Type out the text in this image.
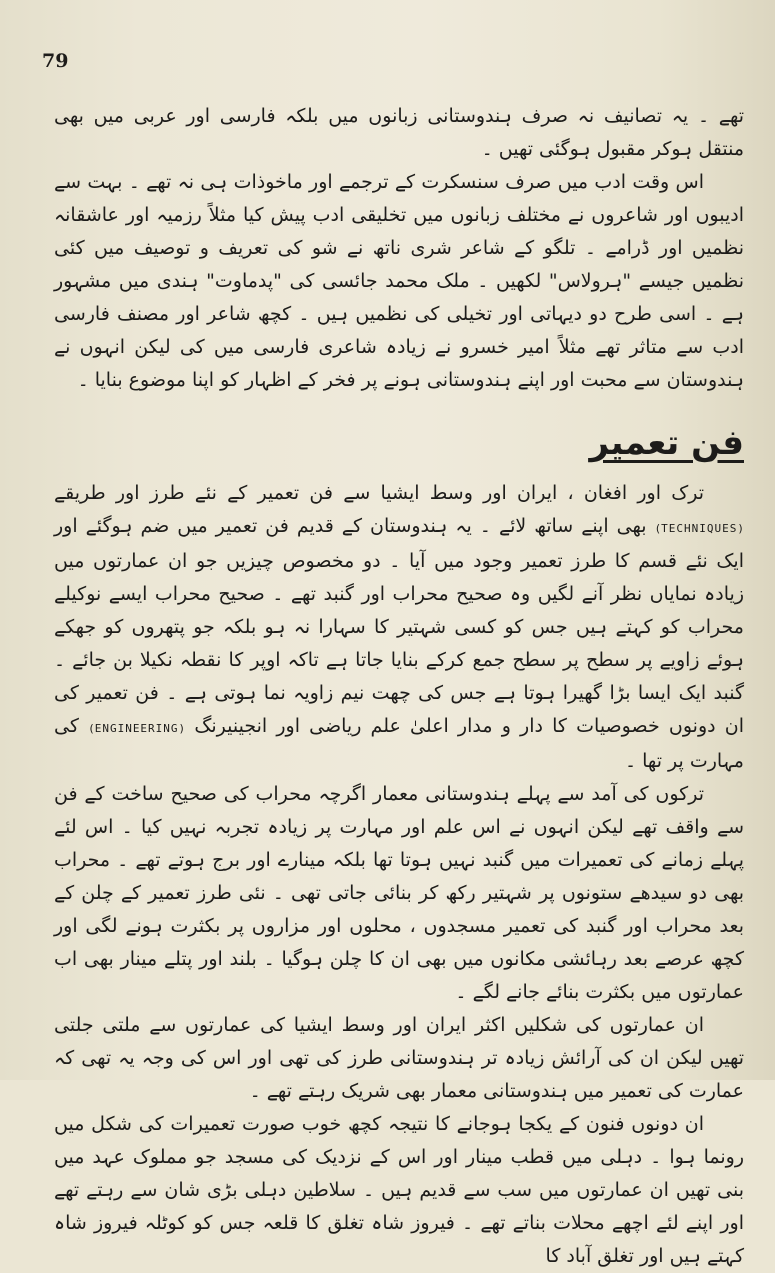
79

تھے ۔ یہ تصانیف نہ صرف ہندوستانی زبانوں میں بلکہ فارسی اور عربی میں بھی منتقل ہوکر مقبول ہوگئی تھیں ۔

اس وقت ادب میں صرف سنسکرت کے ترجمے اور ماخوذات ہی نہ تھے ۔ بہت سے ادیبوں اور شاعروں نے مختلف زبانوں میں تخلیقی ادب پیش کیا مثلاً رزمیہ اور عاشقانہ نظمیں اور ڈرامے ۔ تلگو کے شاعر شری ناتھ نے شو کی تعریف و توصیف میں کئی نظمیں جیسے "ہرولاس" لکھیں ۔ ملک محمد جائسی کی "پدماوت" ہندی میں مشہور ہے ۔ اسی طرح دو دیہاتی اور تخیلی کی نظمیں ہیں ۔ کچھ شاعر اور مصنف فارسی ادب سے متاثر تھے مثلاً امیر خسرو نے زیادہ شاعری فارسی میں کی لیکن انہوں نے ہندوستان سے محبت اور اپنے ہندوستانی ہونے پر فخر کے اظہار کو اپنا موضوع بنایا ۔

فن تعمیر

ترک اور افغان ، ایران اور وسط ایشیا سے فن تعمیر کے نئے طرز اور طریقے (TECHNIQUES) بھی اپنے ساتھ لائے ۔ یہ ہندوستان کے قدیم فن تعمیر میں ضم ہوگئے اور ایک نئے قسم کا طرز تعمیر وجود میں آیا ۔ دو مخصوص چیزیں جو ان عمارتوں میں زیادہ نمایاں نظر آنے لگیں وہ صحیح محراب اور گنبد تھے ۔ صحیح محراب ایسے نوکیلے محراب کو کہتے ہیں جس کو کسی شہتیر کا سہارا نہ ہو بلکہ جو پتھروں کو جھکے ہوئے زاویے پر سطح پر سطح جمع کرکے بنایا جاتا ہے تاکہ اوپر کا نقطہ نکیلا بن جائے ۔ گنبد ایک ایسا بڑا گھیرا ہوتا ہے جس کی چھت نیم زاویہ نما ہوتی ہے ۔ فن تعمیر کی ان دونوں خصوصیات کا دار و مدار اعلیٰ علم ریاضی اور انجینیرنگ (ENGINEERING) کی مہارت پر تھا ۔

ترکوں کی آمد سے پہلے ہندوستانی معمار اگرچہ محراب کی صحیح ساخت کے فن سے واقف تھے لیکن انہوں نے اس علم اور مہارت پر زیادہ تجربہ نہیں کیا ۔ اس لئے پہلے زمانے کی تعمیرات میں گنبد نہیں ہوتا تھا بلکہ مینارے اور برج ہوتے تھے ۔ محراب بھی دو سیدھے ستونوں پر شہتیر رکھ کر بنائی جاتی تھی ۔ نئی طرز تعمیر کے چلن کے بعد محراب اور گنبد کی تعمیر مسجدوں ، محلوں اور مزاروں پر بکثرت ہونے لگی اور کچھ عرصے بعد رہائشی مکانوں میں بھی ان کا چلن ہوگیا ۔ بلند اور پتلے مینار بھی اب عمارتوں میں بکثرت بنائے جانے لگے ۔

ان عمارتوں کی شکلیں اکثر ایران اور وسط ایشیا کی عمارتوں سے ملتی جلتی تھیں لیکن ان کی آرائش زیادہ تر ہندوستانی طرز کی تھی اور اس کی وجہ یہ تھی کہ عمارت کی تعمیر میں ہندوستانی معمار بھی شریک رہتے تھے ۔

ان دونوں فنون کے یکجا ہوجانے کا نتیجہ کچھ خوب صورت تعمیرات کی شکل میں رونما ہوا ۔ دہلی میں قطب مینار اور اس کے نزدیک کی مسجد جو مملوک عہد میں بنی تھیں ان عمارتوں میں سب سے قدیم ہیں ۔ سلاطین دہلی بڑی شان سے رہتے تھے اور اپنے لئے اچھے محلات بناتے تھے ۔ فیروز شاہ تغلق کا قلعہ جس کو کوٹلہ فیروز شاہ کہتے ہیں اور تغلق آباد کا
